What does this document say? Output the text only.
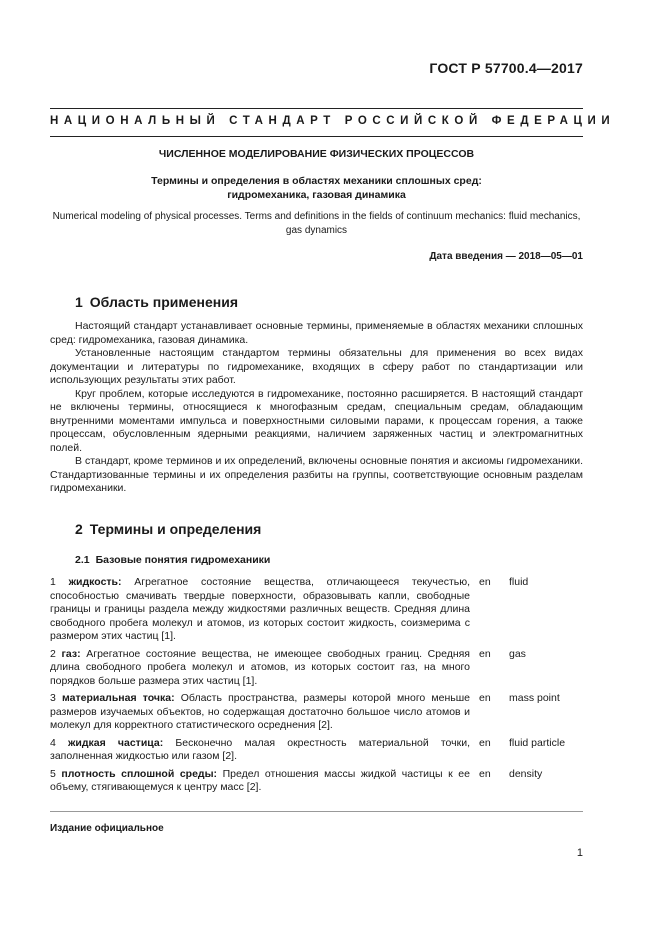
ГОСТ Р 57700.4—2017
НАЦИОНАЛЬНЫЙ СТАНДАРТ РОССИЙСКОЙ ФЕДЕРАЦИИ
ЧИСЛЕННОЕ МОДЕЛИРОВАНИЕ ФИЗИЧЕСКИХ ПРОЦЕССОВ
Термины и определения в областях механики сплошных сред:
гидромеханика, газовая динамика
Numerical modeling of physical processes. Terms and definitions in the fields of continuum mechanics: fluid mechanics,
gas dynamics
Дата введения — 2018—05—01
1 Область применения

Настоящий стандарт устанавливает основные термины, применяемые в областях механики сплошных сред: гидромеханика, газовая динамика.

Установленные настоящим стандартом термины обязательны для применения во всех видах документации и литературы по гидромеханике, входящих в сферу работ по стандартизации или использующих результаты этих работ.

Круг проблем, которые исследуются в гидромеханике, постоянно расширяется. В настоящий стандарт не включены термины, относящиеся к многофазным средам, специальным средам, обладающим внутренними моментами импульса и поверхностными силовыми парами, к процессам горения, а также процессам, обусловленным ядерными реакциями, наличием заряженных частиц и электромагнитных полей.

В стандарт, кроме терминов и их определений, включены основные понятия и аксиомы гидромеханики. Стандартизованные термины и их определения разбиты на группы, соответствующие основным разделам гидромеханики.

2 Термины и определения
2.1 Базовые понятия гидромеханики
1 жидкость: Агрегатное состояние вещества, отличающееся текучестью, способностью смачивать твердые поверхности, образовывать капли, свободные границы и границы раздела между жидкостями различных веществ. Средняя длина свободного пробега молекул и атомов, из которых состоит жидкость, соизмерима с размером этих частиц [1].
en	fluid
2 газ: Агрегатное состояние вещества, не имеющее свободных границ. Средняя длина свободного пробега молекул и атомов, из которых состоит газ, на много порядков больше размера этих частиц [1].
en	gas
3 материальная точка: Область пространства, размеры которой много меньше размеров изучаемых объектов, но содержащая достаточно большое число атомов и молекул для корректного статистического осреднения [2].
en	mass point
4 жидкая частица: Бесконечно малая окрестность материальной точки, заполненная жидкостью или газом [2].
en	fluid particle
5 плотность сплошной среды: Предел отношения массы жидкой частицы к ее объему, стягивающемуся к центру масс [2].
en	density
Издание официальное
1
